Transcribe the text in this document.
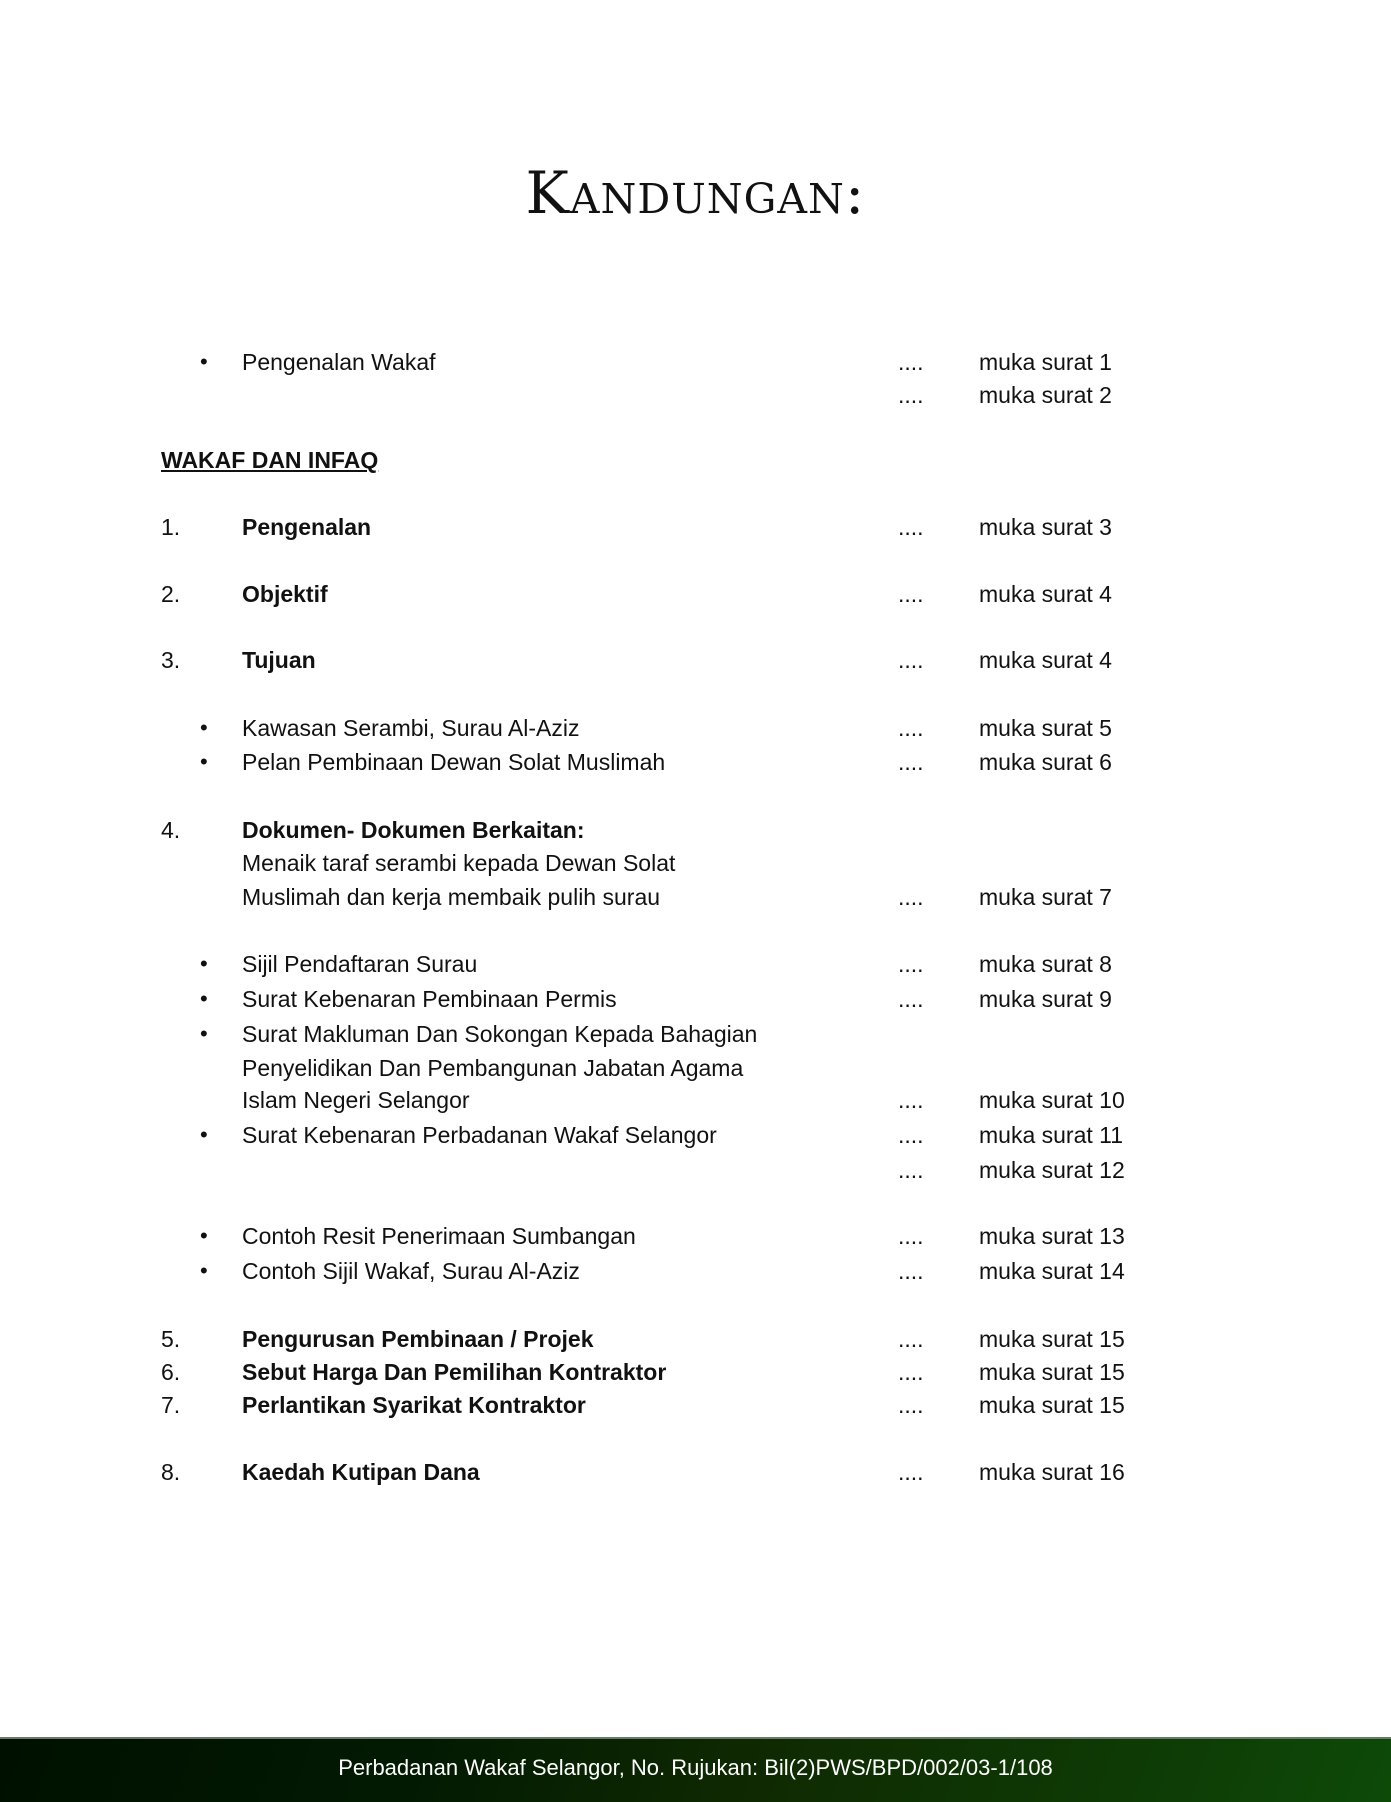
Kandungan:
• Pengenalan Wakaf	.... muka surat 1
.... muka surat 2
WAKAF DAN INFAQ
1.	Pengenalan	.... muka surat 3
2.	Objektif	.... muka surat 4
3.	Tujuan	.... muka surat 4
• Kawasan Serambi, Surau Al-Aziz	.... muka surat 5
• Pelan Pembinaan Dewan Solat Muslimah	.... muka surat 6
4.	Dokumen- Dokumen Berkaitan:
Menaik taraf serambi kepada Dewan Solat
Muslimah dan kerja membaik pulih surau	.... muka surat 7
• Sijil Pendaftaran Surau	.... muka surat 8
• Surat Kebenaran Pembinaan Permis	.... muka surat 9
• Surat Makluman Dan Sokongan Kepada Bahagian
Penyelidikan Dan Pembangunan Jabatan Agama
Islam Negeri Selangor	.... muka surat 10
• Surat Kebenaran Perbadanan Wakaf Selangor	.... muka surat 11
.... muka surat 12
• Contoh Resit Penerimaan Sumbangan	.... muka surat 13
• Contoh Sijil Wakaf, Surau Al-Aziz	.... muka surat 14
5.	Pengurusan Pembinaan / Projek	.... muka surat 15
6.	Sebut Harga Dan Pemilihan Kontraktor	.... muka surat 15
7.	Perlantikan Syarikat Kontraktor	.... muka surat 15
8.	Kaedah Kutipan Dana	.... muka surat 16
Perbadanan Wakaf Selangor, No. Rujukan: Bil(2)PWS/BPD/002/03-1/108
